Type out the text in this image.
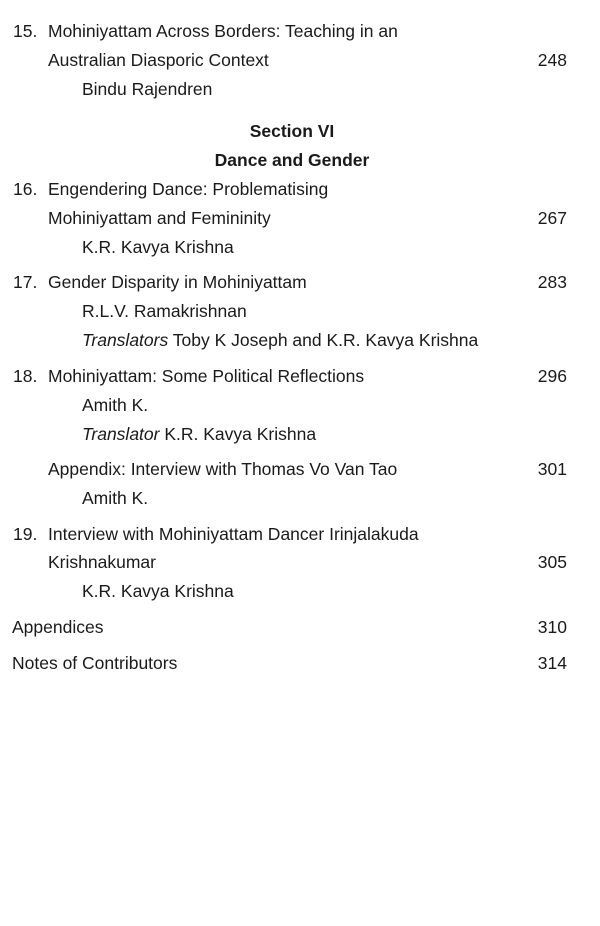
15. Mohiniyattam Across Borders: Teaching in an
Australian Diasporic Context	248
Bindu Rajendren
Section VI
Dance and Gender
16. Engendering Dance: Problematising
Mohiniyattam and Femininity	267
K.R. Kavya Krishna
17. Gender Disparity in Mohiniyattam	283
R.L.V. Ramakrishnan
Translators Toby K Joseph and K.R. Kavya Krishna
18. Mohiniyattam: Some Political Reflections	296
Amith K.
Translator K.R. Kavya Krishna
Appendix: Interview with Thomas Vo Van Tao	301
Amith K.
19. Interview with Mohiniyattam Dancer Irinjalakuda
Krishnakumar	305
K.R. Kavya Krishna
Appendices	310
Notes of Contributors	314
